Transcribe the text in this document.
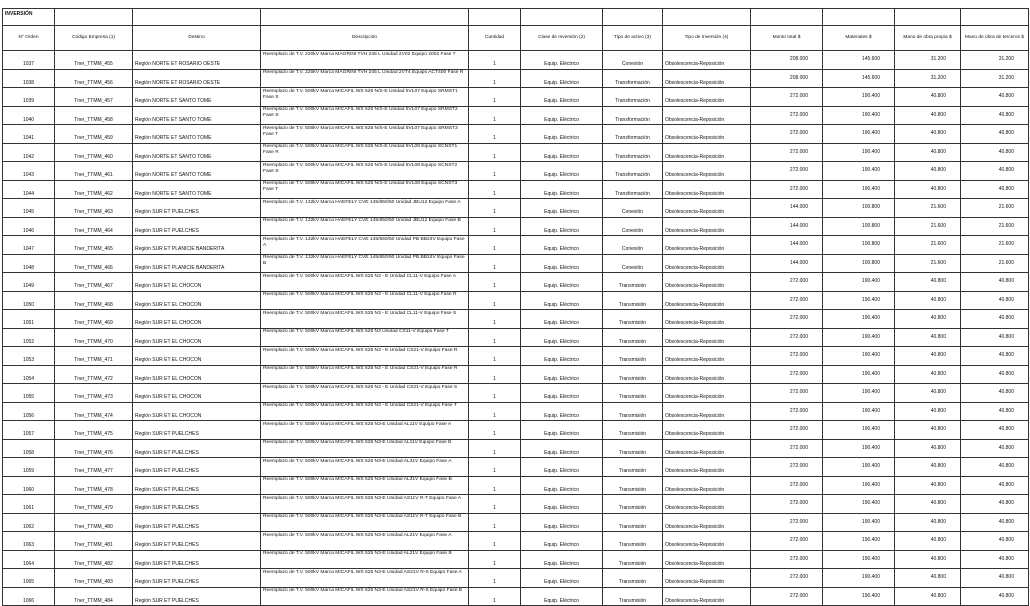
INVERSIÓN											
N° Orden	Código Empresa (1)	Destino	Descripción	Cantidad	Clase de Inversión (2)	Tipo de activo (3)	Tipo de Inversión (4)	Monto total $	Materiales $	Mano de obra propia $	Mano de obra de terceros $
1037	Tner_TTMM_455	Región NORTE ET ROSARIO OESTE	Reemplazo de T.V. 220kV Marca MAGRINI TVH 245 L Unidad 2V02 Equipo 2002 Fase T	1	Equip. Eléctrico	Conexión	Obsolescencia-Reposición	208.000	145.600	31.200	31.200
1038	Tner_TTMM_456	Región NORTE ET ROSARIO OESTE	Reemplazo de T.V. 220kV Marca MAGRINI TVH 245 L Unidad 2VT4 Equipo ACT400 Fase R	1	Equip. Eléctrico	Transformación	Obsolescencia-Reposición	208.000	145.600	31.200	31.200
1039	Tner_TTMM_457	Región NORTE ET SANTO TOME	Reemplazo de T.V. 500kV Marca MICAFIL WS 525 N/S-E Unidad 5VL07 Equipo SRMST1 Fase S	1	Equip. Eléctrico	Transformación	Obsolescencia-Reposición	272.000	190.400	40.800	40.800
1040	Tner_TTMM_458	Región NORTE ET SANTO TOME	Reemplazo de T.V. 500kV Marca MICAFIL WS 525 N/S-E Unidad 5VL07 Equipo SRMST2 Fase S	1	Equip. Eléctrico	Transformación	Obsolescencia-Reposición	272.000	190.400	40.800	40.800
1041	Tner_TTMM_459	Región NORTE ET SANTO TOME	Reemplazo de T.V. 500kV Marca MICAFIL WS 525 N/S-E Unidad 5VL07 Equipo SRMST3 Fase T	1	Equip. Eléctrico	Transformación	Obsolescencia-Reposición	272.000	190.400	40.800	40.800
1042	Tner_TTMM_460	Región NORTE ET SANTO TOME	Reemplazo de T.V. 500kV Marca MICAFIL WS 525 N/S-E Unidad 5VL08 Equipo SCNST1 Fase R	1	Equip. Eléctrico	Transformación	Obsolescencia-Reposición	272.000	190.400	40.800	40.800
1043	Tner_TTMM_461	Región NORTE ET SANTO TOME	Reemplazo de T.V. 500kV Marca MICAFIL WS 525 N/S-E Unidad 5VL08 Equipo SCNST2 Fase S	1	Equip. Eléctrico	Transformación	Obsolescencia-Reposición	272.000	190.400	40.800	40.800
1044	Tner_TTMM_462	Región NORTE ET SANTO TOME	Reemplazo de T.V. 500kV Marca MICAFIL WS 525 N/S-E Unidad 5VL08 Equipo SCNST3 Fase T	1	Equip. Eléctrico	Transformación	Obsolescencia-Reposición	272.000	190.400	40.800	40.800
1045	Tner_TTMM_463	Región SUR ET PUELCHES	Reemplazo de T.V. 132kV Marca HAEFELY CVE 145/650/50 Unidad JBU12 Equipo Fase A	1	Equip. Eléctrico	Conexión	Obsolescencia-Reposición	144.000	100.800	21.600	21.600
1046	Tner_TTMM_464	Región SUR ET PUELCHES	Reemplazo de T.V. 132kV Marca HAEFELY CVE 145/650/50 Unidad JBU12 Equipo Fase B	1	Equip. Eléctrico	Conexión	Obsolescencia-Reposición	144.000	100.800	21.600	21.600
1047	Tner_TTMM_465	Región SUR ET PLANICIE BANDERITA	Reemplazo de T.V. 132kV Marca HAEFELY CVE 145/650/50 Unidad PB BB24V Equipo Fase A	1	Equip. Eléctrico	Conexión	Obsolescencia-Reposición	144.000	100.800	21.600	21.600
1048	Tner_TTMM_466	Región SUR ET PLANICIE BANDERITA	Reemplazo de T.V. 132kV Marca HAEFELY CVE 145/650/50 Unidad PB BB24V Equipo Fase B	1	Equip. Eléctrico	Conexión	Obsolescencia-Reposición	144.000	100.800	21.600	21.600
1049	Tner_TTMM_467	Región SUR ET EL CHOCON	Reemplazo de T.V. 500kV Marca MICAFIL WS 525 N3 - E Unidad CL11-V Equipo Fase A	1	Equip. Eléctrico	Transmisión	Obsolescencia-Reposición	272.000	190.400	40.800	40.800
1050	Tner_TTMM_468	Región SUR ET EL CHOCON	Reemplazo de T.V. 500kV Marca MICAFIL WS 525 N3 - E Unidad CL11-V Equipo Fase R	1	Equip. Eléctrico	Transmisión	Obsolescencia-Reposición	272.000	190.400	40.800	40.800
1051	Tner_TTMM_469	Región SUR ET EL CHOCON	Reemplazo de T.V. 500kV Marca MICAFIL WS 525 N3 - E Unidad CL11-V Equipo Fase S	1	Equip. Eléctrico	Transmisión	Obsolescencia-Reposición	272.000	190.400	40.800	40.800
1052	Tner_TTMM_470	Región SUR ET EL CHOCON	Reemplazo de T.V. 500kV Marca MICAFIL WS 525 N3 Unidad CS11-V Equipo Fase T	1	Equip. Eléctrico	Transmisión	Obsolescencia-Reposición	272.000	190.400	40.800	40.800
1053	Tner_TTMM_471	Región SUR ET EL CHOCON	Reemplazo de T.V. 500kV Marca MICAFIL WS 525 N3 - E Unidad CS21-V Equipo Fase R	1	Equip. Eléctrico	Transmisión	Obsolescencia-Reposición	272.000	190.400	40.800	40.800
1054	Tner_TTMM_472	Región SUR ET EL CHOCON	Reemplazo de T.V. 500kV Marca MICAFIL WS 525 N3 - E Unidad CS21-V Equipo Fase R	1	Equip. Eléctrico	Transmisión	Obsolescencia-Reposición	272.000	190.400	40.800	40.800
1055	Tner_TTMM_473	Región SUR ET EL CHOCON	Reemplazo de T.V. 500kV Marca MICAFIL WS 525 N3 - E Unidad CS21-V Equipo Fase S	1	Equip. Eléctrico	Transmisión	Obsolescencia-Reposición	272.000	190.400	40.800	40.800
1056	Tner_TTMM_474	Región SUR ET EL CHOCON	Reemplazo de T.V. 500kV Marca MICAFIL WS 525 N3 - E Unidad CS21-V Equipo Fase T	1	Equip. Eléctrico	Transmisión	Obsolescencia-Reposición	272.000	190.400	40.800	40.800
1057	Tner_TTMM_475	Región SUR ET PUELCHES	Reemplazo de T.V. 500kV Marca MICAFIL WS 525 N3-E Unidad AL11V Equipo Fase A	1	Equip. Eléctrico	Transmisión	Obsolescencia-Reposición	272.000	190.400	40.800	40.800
1058	Tner_TTMM_476	Región SUR ET PUELCHES	Reemplazo de T.V. 500kV Marca MICAFIL WS 525 N3-E Unidad AL11V Equipo Fase B	1	Equip. Eléctrico	Transmisión	Obsolescencia-Reposición	272.000	190.400	40.800	40.800
1059	Tner_TTMM_477	Región SUR ET PUELCHES	Reemplazo de T.V. 500kV Marca MICAFIL WS 525 N3-E Unidad AL31V Equipo Fase A	1	Equip. Eléctrico	Transmisión	Obsolescencia-Reposición	272.000	190.400	40.800	40.800
1060	Tner_TTMM_478	Región SUR ET PUELCHES	Reemplazo de T.V. 500kV Marca MICAFIL WS 525 N3-E Unidad AL31V Equipo Fase B	1	Equip. Eléctrico	Transmisión	Obsolescencia-Reposición	272.000	190.400	40.800	40.800
1061	Tner_TTMM_479	Región SUR ET PUELCHES	Reemplazo de T.V. 500kV Marca MICAFIL WS 525 N3-E Unidad AS11V R-T Equipo Fase A	1	Equip. Eléctrico	Transmisión	Obsolescencia-Reposición	272.000	190.400	40.800	40.800
1062	Tner_TTMM_480	Región SUR ET PUELCHES	Reemplazo de T.V. 500kV Marca MICAFIL WS 525 N3-E Unidad AS11V R-T Equipo Fase B	1	Equip. Eléctrico	Transmisión	Obsolescencia-Reposición	272.000	190.400	40.800	40.800
1063	Tner_TTMM_481	Región SUR ET PUELCHES	Reemplazo de T.V. 500kV Marca MICAFIL WS 525 N3-E Unidad AL21V Equipo Fase A	1	Equip. Eléctrico	Transmisión	Obsolescencia-Reposición	272.000	190.400	40.800	40.800
1064	Tner_TTMM_482	Región SUR ET PUELCHES	Reemplazo de T.V. 500kV Marca MICAFIL WS 525 N3-E Unidad AL21V Equipo Fase B	1	Equip. Eléctrico	Transmisión	Obsolescencia-Reposición	272.000	190.400	40.800	40.800
1065	Tner_TTMM_483	Región SUR ET PUELCHES	Reemplazo de T.V. 500kV Marca MICAFIL WS 525 N3-E Unidad AS21V R-S Equipo Fase A	1	Equip. Eléctrico	Transmisión	Obsolescencia-Reposición	272.000	190.400	40.800	40.800
1066	Tner_TTMM_484	Región SUR ET PUELCHES	Reemplazo de T.V. 500kV Marca MICAFIL WS 525 N3-E Unidad AS21V R-S Equipo Fase B	1	Equip. Eléctrico	Transmisión	Obsolescencia-Reposición	272.000	190.400	40.800	40.800
